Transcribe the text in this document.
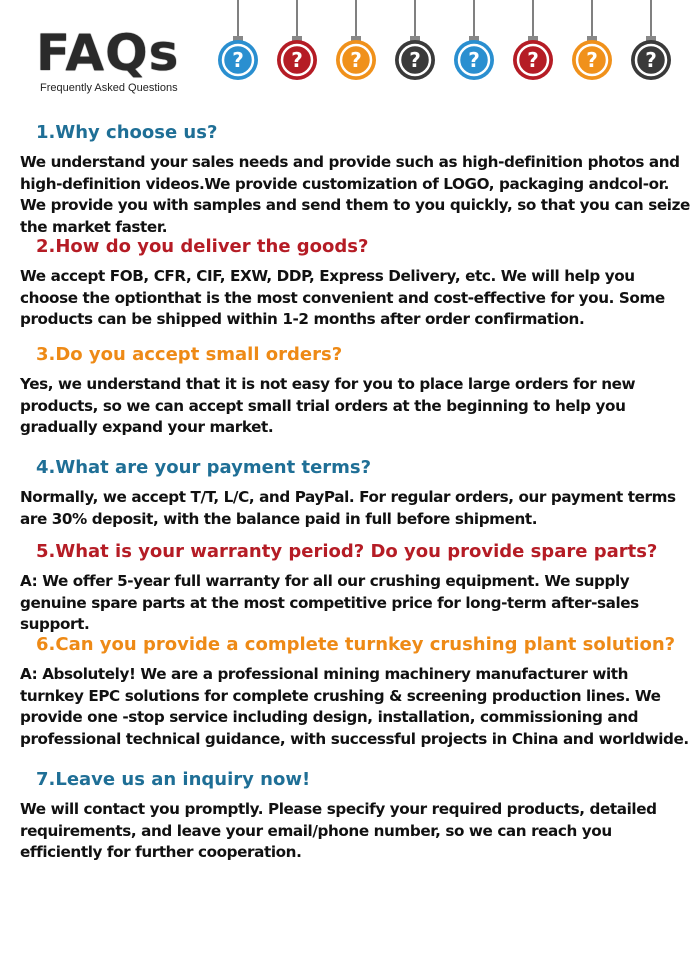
FAQs
Frequently Asked Questions
? ? ? ? ? ? ? ?
1.Why choose us?

We understand your sales needs and provide such as high-definition photos and high-definition videos.We provide customization of LOGO, packaging andcol-or. We provide you with samples and send them to you quickly, so that you can seize the market faster.

2.How do you deliver the goods?

We accept FOB, CFR, CIF, EXW, DDP, Express Delivery, etc. We will help you choose the optionthat is the most convenient and cost-effective for you. Some products can be shipped within 1-2 months after order confirmation.

3.Do you accept small orders?

Yes, we understand that it is not easy for you to place large orders for new products, so we can accept small trial orders at the beginning to help you gradually expand your market.

4.What are your payment terms?

Normally, we accept T/T, L/C, and PayPal. For regular orders, our payment terms are 30% deposit, with the balance paid in full before shipment.

5.What is your warranty period? Do you provide spare parts?

A: We offer 5-year full warranty for all our crushing equipment. We supply genuine spare parts at the most competitive price for long-term after-sales support.

6.Can you provide a complete turnkey crushing plant solution?

A: Absolutely! We are a professional mining machinery manufacturer with turnkey EPC solutions for complete crushing & screening production lines. We provide one -stop service including design, installation, commissioning and professional technical guidance, with successful projects in China and worldwide.

7.Leave us an inquiry now!

We will contact you promptly. Please specify your required products, detailed requirements, and leave your email/phone number, so we can reach you efficiently for further cooperation.
